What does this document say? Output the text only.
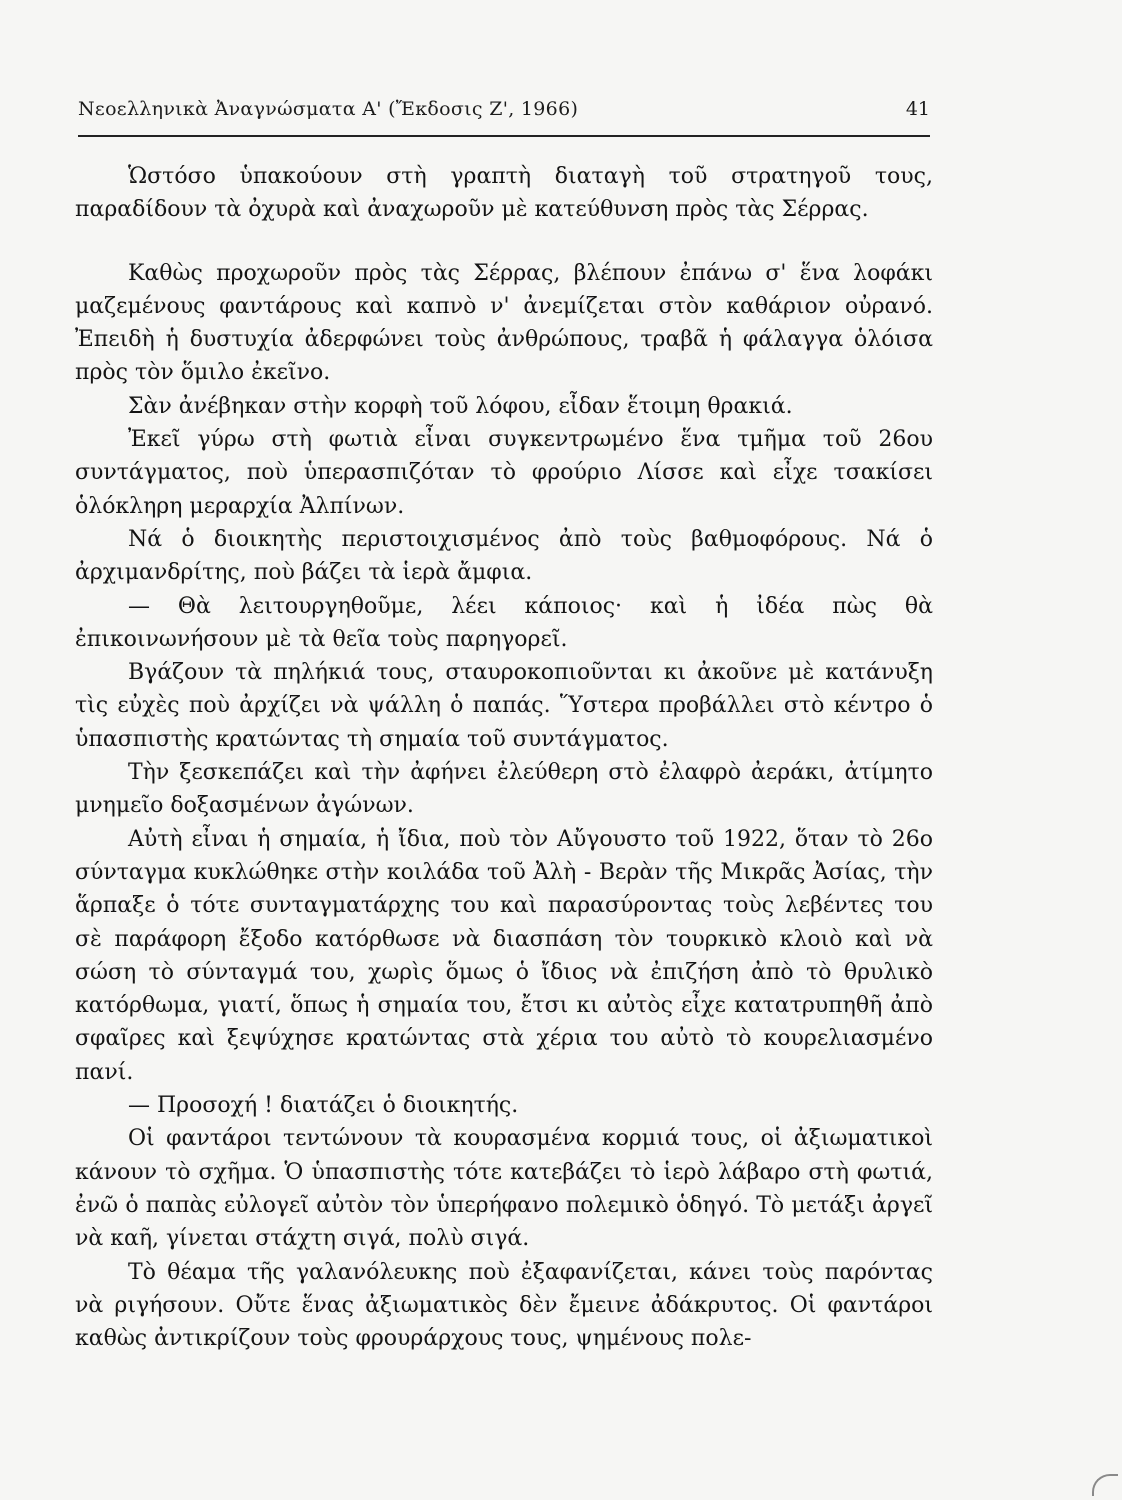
Νεοελληνικὰ Ἀναγνώσματα Α' (Ἔκδοσις Ζ', 1966)	41

Ὡστόσο ὑπακούουν στὴ γραπτὴ διαταγὴ τοῦ στρατηγοῦ τους, παραδίδουν τὰ ὀχυρὰ καὶ ἀναχωροῦν μὲ κατεύθυνση πρὸς τὰς Σέρρας.

Καθὼς προχωροῦν πρὸς τὰς Σέρρας, βλέπουν ἐπάνω σ' ἕνα λοφάκι μαζεμένους φαντάρους καὶ καπνὸ ν' ἀνεμίζεται στὸν καθάριον οὐρανό. Ἐπειδὴ ἡ δυστυχία ἀδερφώνει τοὺς ἀνθρώπους, τραβᾶ ἡ φάλαγγα ὁλόισα πρὸς τὸν ὅμιλο ἐκεῖνο.

Σὰν ἀνέβηκαν στὴν κορφὴ τοῦ λόφου, εἶδαν ἕτοιμη θρακιά.

Ἐκεῖ γύρω στὴ φωτιὰ εἶναι συγκεντρωμένο ἕνα τμῆμα τοῦ 26ου συντάγματος, ποὺ ὑπερασπιζόταν τὸ φρούριο Λίσσε καὶ εἶχε τσακίσει ὁλόκληρη μεραρχία Ἀλπίνων.

Νά ὁ διοικητὴς περιστοιχισμένος ἀπὸ τοὺς βαθμοφόρους. Νά ὁ ἀρχιμανδρίτης, ποὺ βάζει τὰ ἱερὰ ἄμφια.

— Θὰ λειτουργηθοῦμε, λέει κάποιος· καὶ ἡ ἰδέα πὼς θὰ ἐπικοινωνήσουν μὲ τὰ θεῖα τοὺς παρηγορεῖ.

Βγάζουν τὰ πηλήκιά τους, σταυροκοπιοῦνται κι ἀκοῦνε μὲ κατάνυξη τὶς εὐχὲς ποὺ ἀρχίζει νὰ ψάλλη ὁ παπάς. Ὕστερα προβάλλει στὸ κέντρο ὁ ὑπασπιστὴς κρατώντας τὴ σημαία τοῦ συντάγματος.

Τὴν ξεσκεπάζει καὶ τὴν ἀφήνει ἐλεύθερη στὸ ἐλαφρὸ ἀεράκι, ἀτίμητο μνημεῖο δοξασμένων ἀγώνων.

Αὐτὴ εἶναι ἡ σημαία, ἡ ἴδια, ποὺ τὸν Αὔγουστο τοῦ 1922, ὅταν τὸ 26ο σύνταγμα κυκλώθηκε στὴν κοιλάδα τοῦ Ἀλὴ - Βερὰν τῆς Μικρᾶς Ἀσίας, τὴν ἅρπαξε ὁ τότε συνταγματάρχης του καὶ παρασύροντας τοὺς λεβέντες του σὲ παράφορη ἔξοδο κατόρθωσε νὰ διασπάση τὸν τουρκικὸ κλοιὸ καὶ νὰ σώση τὸ σύνταγμά του, χωρὶς ὅμως ὁ ἴδιος νὰ ἐπιζήση ἀπὸ τὸ θρυλικὸ κατόρθωμα, γιατί, ὅπως ἡ σημαία του, ἔτσι κι αὐτὸς εἶχε κατατρυπηθῆ ἀπὸ σφαῖρες καὶ ξεψύχησε κρατώντας στὰ χέρια του αὐτὸ τὸ κουρελιασμένο πανί.

— Προσοχή ! διατάζει ὁ διοικητής.

Οἱ φαντάροι τεντώνουν τὰ κουρασμένα κορμιά τους, οἱ ἀξιωματικοὶ κάνουν τὸ σχῆμα. Ὁ ὑπασπιστὴς τότε κατεβάζει τὸ ἱερὸ λάβαρο στὴ φωτιά, ἐνῶ ὁ παπὰς εὐλογεῖ αὐτὸν τὸν ὑπερήφανο πολεμικὸ ὁδηγό. Τὸ μετάξι ἀργεῖ νὰ καῆ, γίνεται στάχτη σιγά, πολὺ σιγά.

Τὸ θέαμα τῆς γαλανόλευκης ποὺ ἐξαφανίζεται, κάνει τοὺς παρόντας νὰ ριγήσουν. Οὔτε ἕνας ἀξιωματικὸς δὲν ἔμεινε ἀδάκρυτος. Οἱ φαντάροι καθὼς ἀντικρίζουν τοὺς φρουράρχους τους, ψημένους πολε-
